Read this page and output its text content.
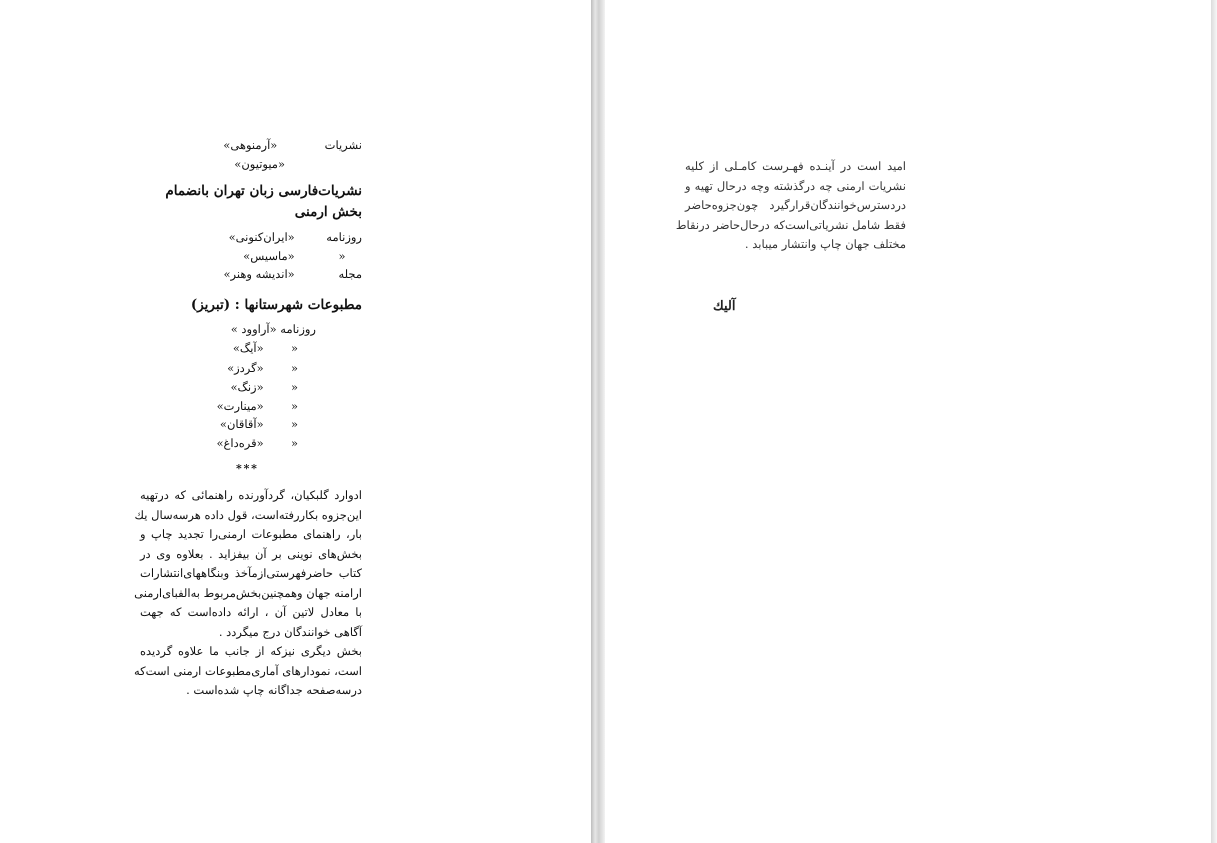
نشریات  «آرمنوهی»
«میوتیون»
نشریات‌فارسی زبان تهران بانضمام
بخش ارمنی
روزنامه  «ایران‌کنونی»
«  «ماسیس»
مجله  «اندیشه وهنر»
مطبوعات شهرستانها : (تبریز)
روزنامه «آراوود »
«  «آیگ»
«  «گردز»
«  «زنگ»
«  «مینارت»
«  «آقاقان»
«  «قره‌داغ»
* * *
ادوارد گلبکیان، گردآورنده راهنمائی که درتهیه
این‌جزوه بکاررفته‌است، قول داده هرسه‌سال یك
بار، راهنمای مطبوعات ارمنی‌را تجدید چاپ و
بخش‌های نوینی بر آن بیفزاید . بعلاوه وی در
کتاب حاضرفهرستی‌ازمآخذ وبنگاههای‌انتشارات
ارامنه جهان وهمچنین‌بخش‌مربوط به‌الفبای‌ارمنی
با معادل لاتین آن ، ارائه داده‌است که جهت
آگاهی خوانندگان درج میگردد .
بخش دیگری نیزکه از جانب ما علاوه گردیده
است، نمودارهای آماری‌مطبوعات ارمنی است‌که
درسه‌صفحه جداگانه چاپ شده‌است .
امید است در آینـده فهـرست کامـلی از کلیه
نشریات ارمنی چه درگذشته وچه درحال تهیه و
دردسترس‌خوانندگان‌قرارگیرد چون‌جزوه‌حاضر
فقط شامل نشریاتی‌است‌که درحال‌حاضر درنقاط
مختلف جهان چاپ وانتشار میبابد .
آلیك
